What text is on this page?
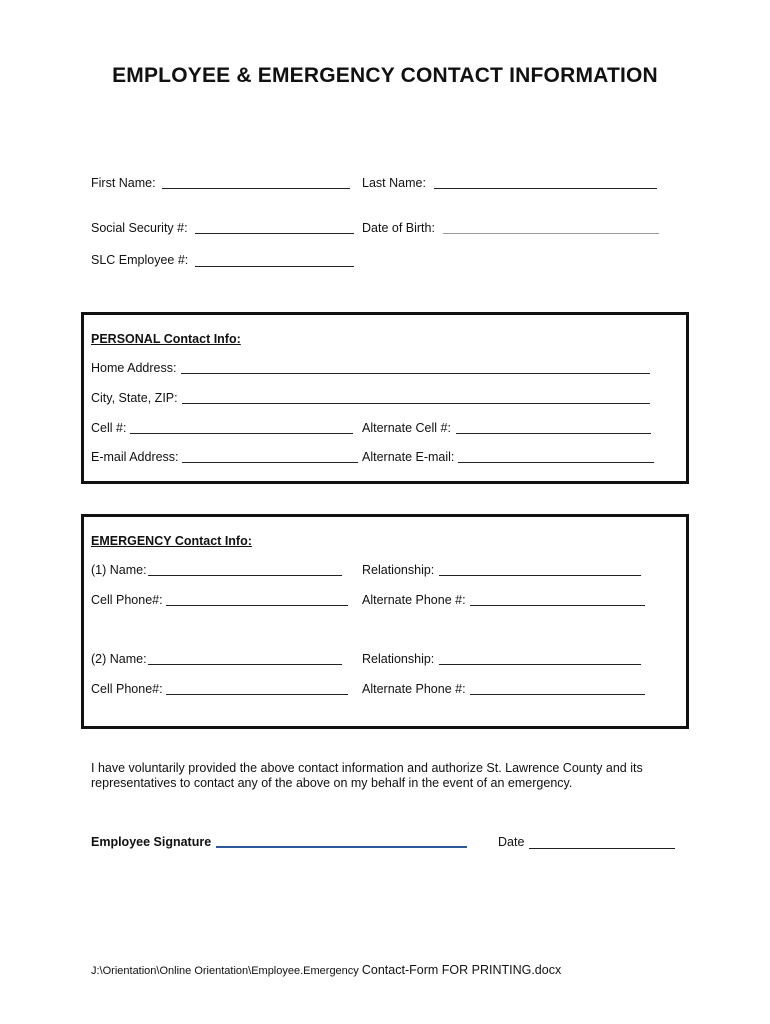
EMPLOYEE & EMERGENCY CONTACT INFORMATION
First Name:	Last Name:
Social Security #:	Date of Birth:
SLC Employee #:
PERSONAL Contact Info:
Home Address:
City, State, ZIP:
Cell #:	Alternate Cell #:
E-mail Address:	Alternate E-mail:
EMERGENCY Contact Info:
(1) Name:	Relationship:
Cell Phone#:	Alternate Phone #:
(2) Name:	Relationship:
Cell Phone#:	Alternate Phone #:
I have voluntarily provided the above contact information and authorize St. Lawrence County and its representatives to contact any of the above on my behalf in the event of an emergency.
Employee Signature	Date
J:\Orientation\Online Orientation\Employee.Emergency Contact-Form FOR PRINTING.docx
